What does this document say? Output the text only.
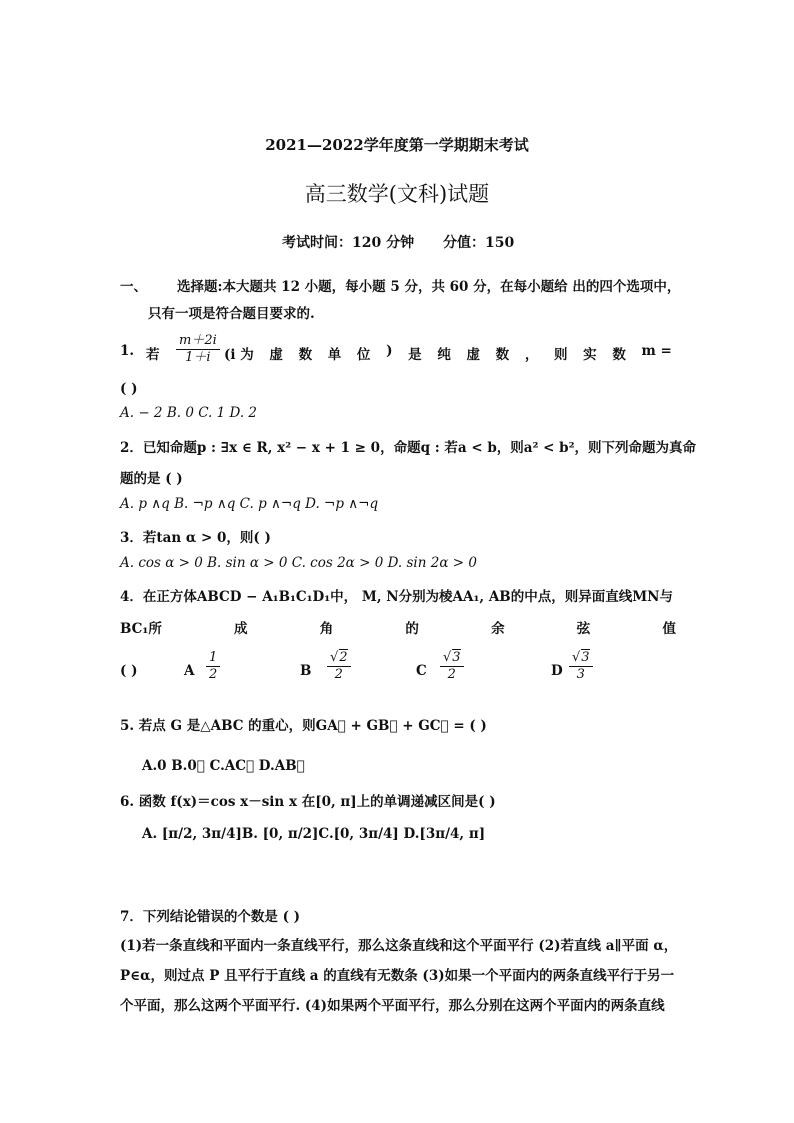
2021—2022学年度第一学期期末考试
高三数学(文科)试题
考试时间：120 分钟 分值：150
一、 选择题:本大题共 12 小题，每小题 5 分，共 60 分，在每小题给 出的四个选项中，
只有一项是符合题目要求的.
1. 若 $\frac{m+2i}{1+i} (i$ 为 虚 数 单 位 ) 是 纯 虚 数 ， 则 实 数 m =
( )
A. − 2 B. 0 C. 1 D. 2
2．已知命题p : ∃x ∈ R, x² − x + 1 ≥ 0，命题q : 若a < b，则a² < b²，则下列命题为真命
题的是 ( )
A. p ∧q B. ¬p ∧q C. p ∧¬q D. ¬p ∧¬q
3．若tan α > 0，则( )
A. cos α > 0 B. sin α > 0 C. cos 2α > 0 D. sin 2α > 0
4．在正方体ABCD − A₁B₁C₁D₁中， M, N分别为棱AA₁, AB的中点，则异面直线MN与
BC₁所	成	角	的	余	弦	值
( )	A $\frac{1}{2}$	B $\frac{√2}{2}$	C $\frac{√3}{2}$	D $\frac{√3}{3}$
5. 若点 G 是△ABC 的重心，则GA⃗ + GB⃗ + GC⃗ = ( )
A.0 B.0⃗ C.AC⃗ D.AB⃗
6. 函数 f(x)＝cos x－sin x 在[0, π]上的单调递减区间是( )
A. [π/2, 3π/4]B. [0, π/2]C.[0, 3π/4] D.[3π/4, π]
7．下列结论错误的个数是 ( )
(1)若一条直线和平面内一条直线平行，那么这条直线和这个平面平行 (2)若直线 a∥平面 α，
P∈α，则过点 P 且平行于直线 a 的直线有无数条 (3)如果一个平面内的两条直线平行于另一
个平面，那么这两个平面平行. (4)如果两个平面平行，那么分别在这两个平面内的两条直线
